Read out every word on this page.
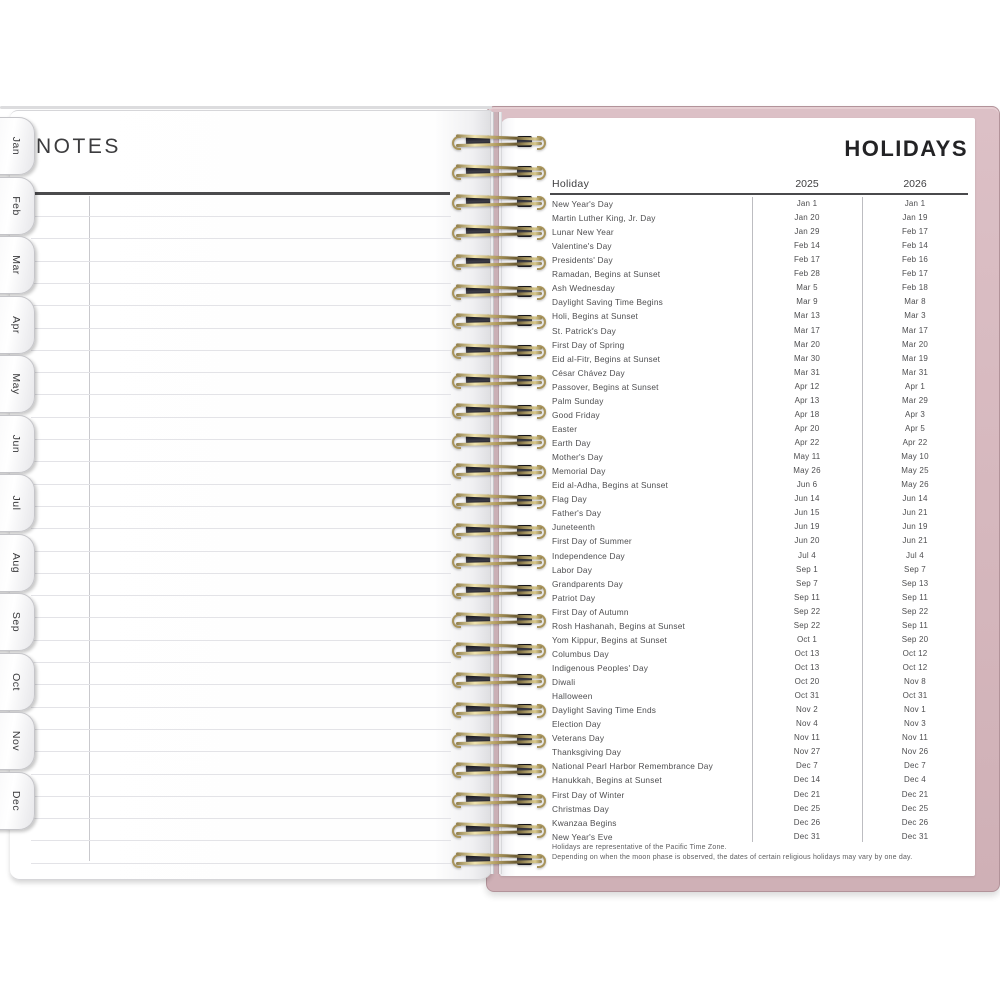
NOTES	HOLIDAYS
Holiday	2025	2026
New Year's Day	Jan 1	Jan 1
Martin Luther King, Jr. Day	Jan 20	Jan 19
Lunar New Year	Jan 29	Feb 17
Valentine's Day	Feb 14	Feb 14
Presidents' Day	Feb 17	Feb 16
Ramadan, Begins at Sunset	Feb 28	Feb 17
Ash Wednesday	Mar 5	Feb 18
Daylight Saving Time Begins	Mar 9	Mar 8
Holi, Begins at Sunset	Mar 13	Mar 3
St. Patrick's Day	Mar 17	Mar 17
First Day of Spring	Mar 20	Mar 20
Eid al-Fitr, Begins at Sunset	Mar 30	Mar 19
César Chávez Day	Mar 31	Mar 31
Passover, Begins at Sunset	Apr 12	Apr 1
Palm Sunday	Apr 13	Mar 29
Good Friday	Apr 18	Apr 3
Easter	Apr 20	Apr 5
Earth Day	Apr 22	Apr 22
Mother's Day	May 11	May 10
Memorial Day	May 26	May 25
Eid al-Adha, Begins at Sunset	Jun 6	May 26
Flag Day	Jun 14	Jun 14
Father's Day	Jun 15	Jun 21
Juneteenth	Jun 19	Jun 19
First Day of Summer	Jun 20	Jun 21
Independence Day	Jul 4	Jul 4
Labor Day	Sep 1	Sep 7
Grandparents Day	Sep 7	Sep 13
Patriot Day	Sep 11	Sep 11
First Day of Autumn	Sep 22	Sep 22
Rosh Hashanah, Begins at Sunset	Sep 22	Sep 11
Yom Kippur, Begins at Sunset	Oct 1	Sep 20
Columbus Day	Oct 13	Oct 12
Indigenous Peoples' Day	Oct 13	Oct 12
Diwali	Oct 20	Nov 8
Halloween	Oct 31	Oct 31
Daylight Saving Time Ends	Nov 2	Nov 1
Election Day	Nov 4	Nov 3
Veterans Day	Nov 11	Nov 11
Thanksgiving Day	Nov 27	Nov 26
National Pearl Harbor Remembrance Day	Dec 7	Dec 7
Hanukkah, Begins at Sunset	Dec 14	Dec 4
First Day of Winter	Dec 21	Dec 21
Christmas Day	Dec 25	Dec 25
Kwanzaa Begins	Dec 26	Dec 26
New Year's Eve	Dec 31	Dec 31
Holidays are representative of the Pacific Time Zone.
Depending on when the moon phase is observed, the dates of certain religious holidays may vary by one day.
Jan
Feb
Mar
Apr
May
Jun
Jul
Aug
Sep
Oct
Nov
Dec
